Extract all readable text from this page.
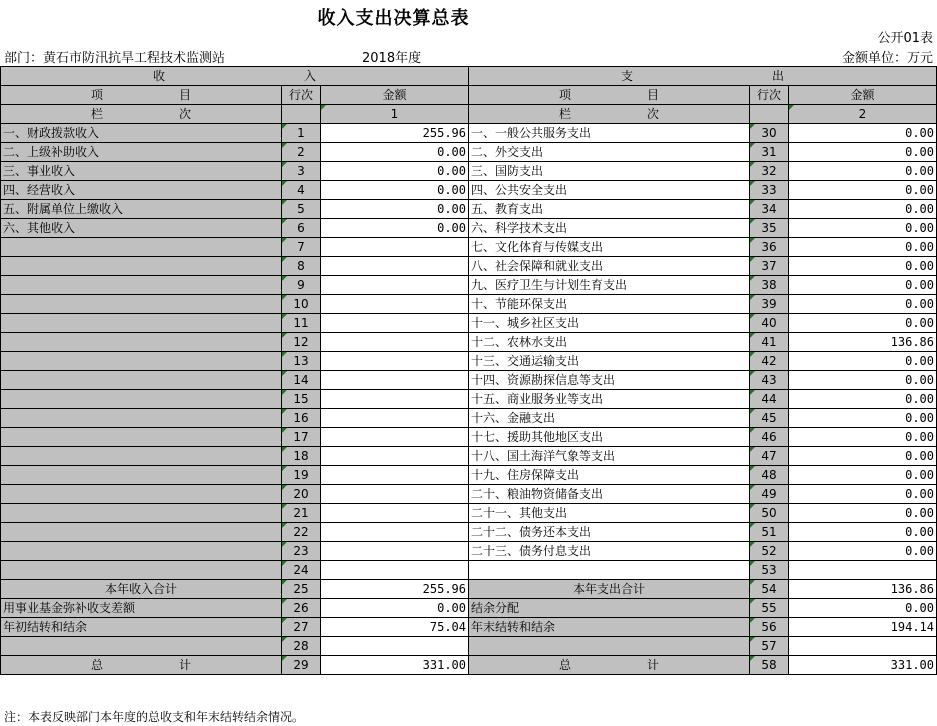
收入支出决算总表
公开01表
部门：黄石市防汛抗旱工程技术监测站	2018年度	金额单位：万元
收 入			支 出		

项 目	行次	金额	项 目	行次	金额

栏 次		1	栏 次		2
一、财政拨款收入	1	255.96	一、一般公共服务支出	30	0.00
二、上级补助收入	2	0.00	二、外交支出	31	0.00
三、事业收入	3	0.00	三、国防支出	32	0.00
四、经营收入	4	0.00	四、公共安全支出	33	0.00
五、附属单位上缴收入	5	0.00	五、教育支出	34	0.00
六、其他收入	6	0.00	六、科学技术支出	35	0.00
	7		七、文化体育与传媒支出	36	0.00
	8		八、社会保障和就业支出	37	0.00
	9		九、医疗卫生与计划生育支出	38	0.00
	10		十、节能环保支出	39	0.00
	11		十一、城乡社区支出	40	0.00
	12		十二、农林水支出	41	136.86
	13		十三、交通运输支出	42	0.00
	14		十四、资源勘探信息等支出	43	0.00
	15		十五、商业服务业等支出	44	0.00
	16		十六、金融支出	45	0.00
	17		十七、援助其他地区支出	46	0.00
	18		十八、国土海洋气象等支出	47	0.00
	19		十九、住房保障支出	48	0.00
	20		二十、粮油物资储备支出	49	0.00
	21		二十一、其他支出	50	0.00
	22		二十二、债务还本支出	51	0.00
	23		二十三、债务付息支出	52	0.00
	24			53	
本年收入合计	25	255.96	本年支出合计	54	136.86
用事业基金弥补收支差额	26	0.00	结余分配	55	0.00
年初结转和结余	27	75.04	年末结转和结余	56	194.14
	28			57	

总 计	29	331.00	总 计	58	331.00
注：本表反映部门本年度的总收支和年末结转结余情况。
